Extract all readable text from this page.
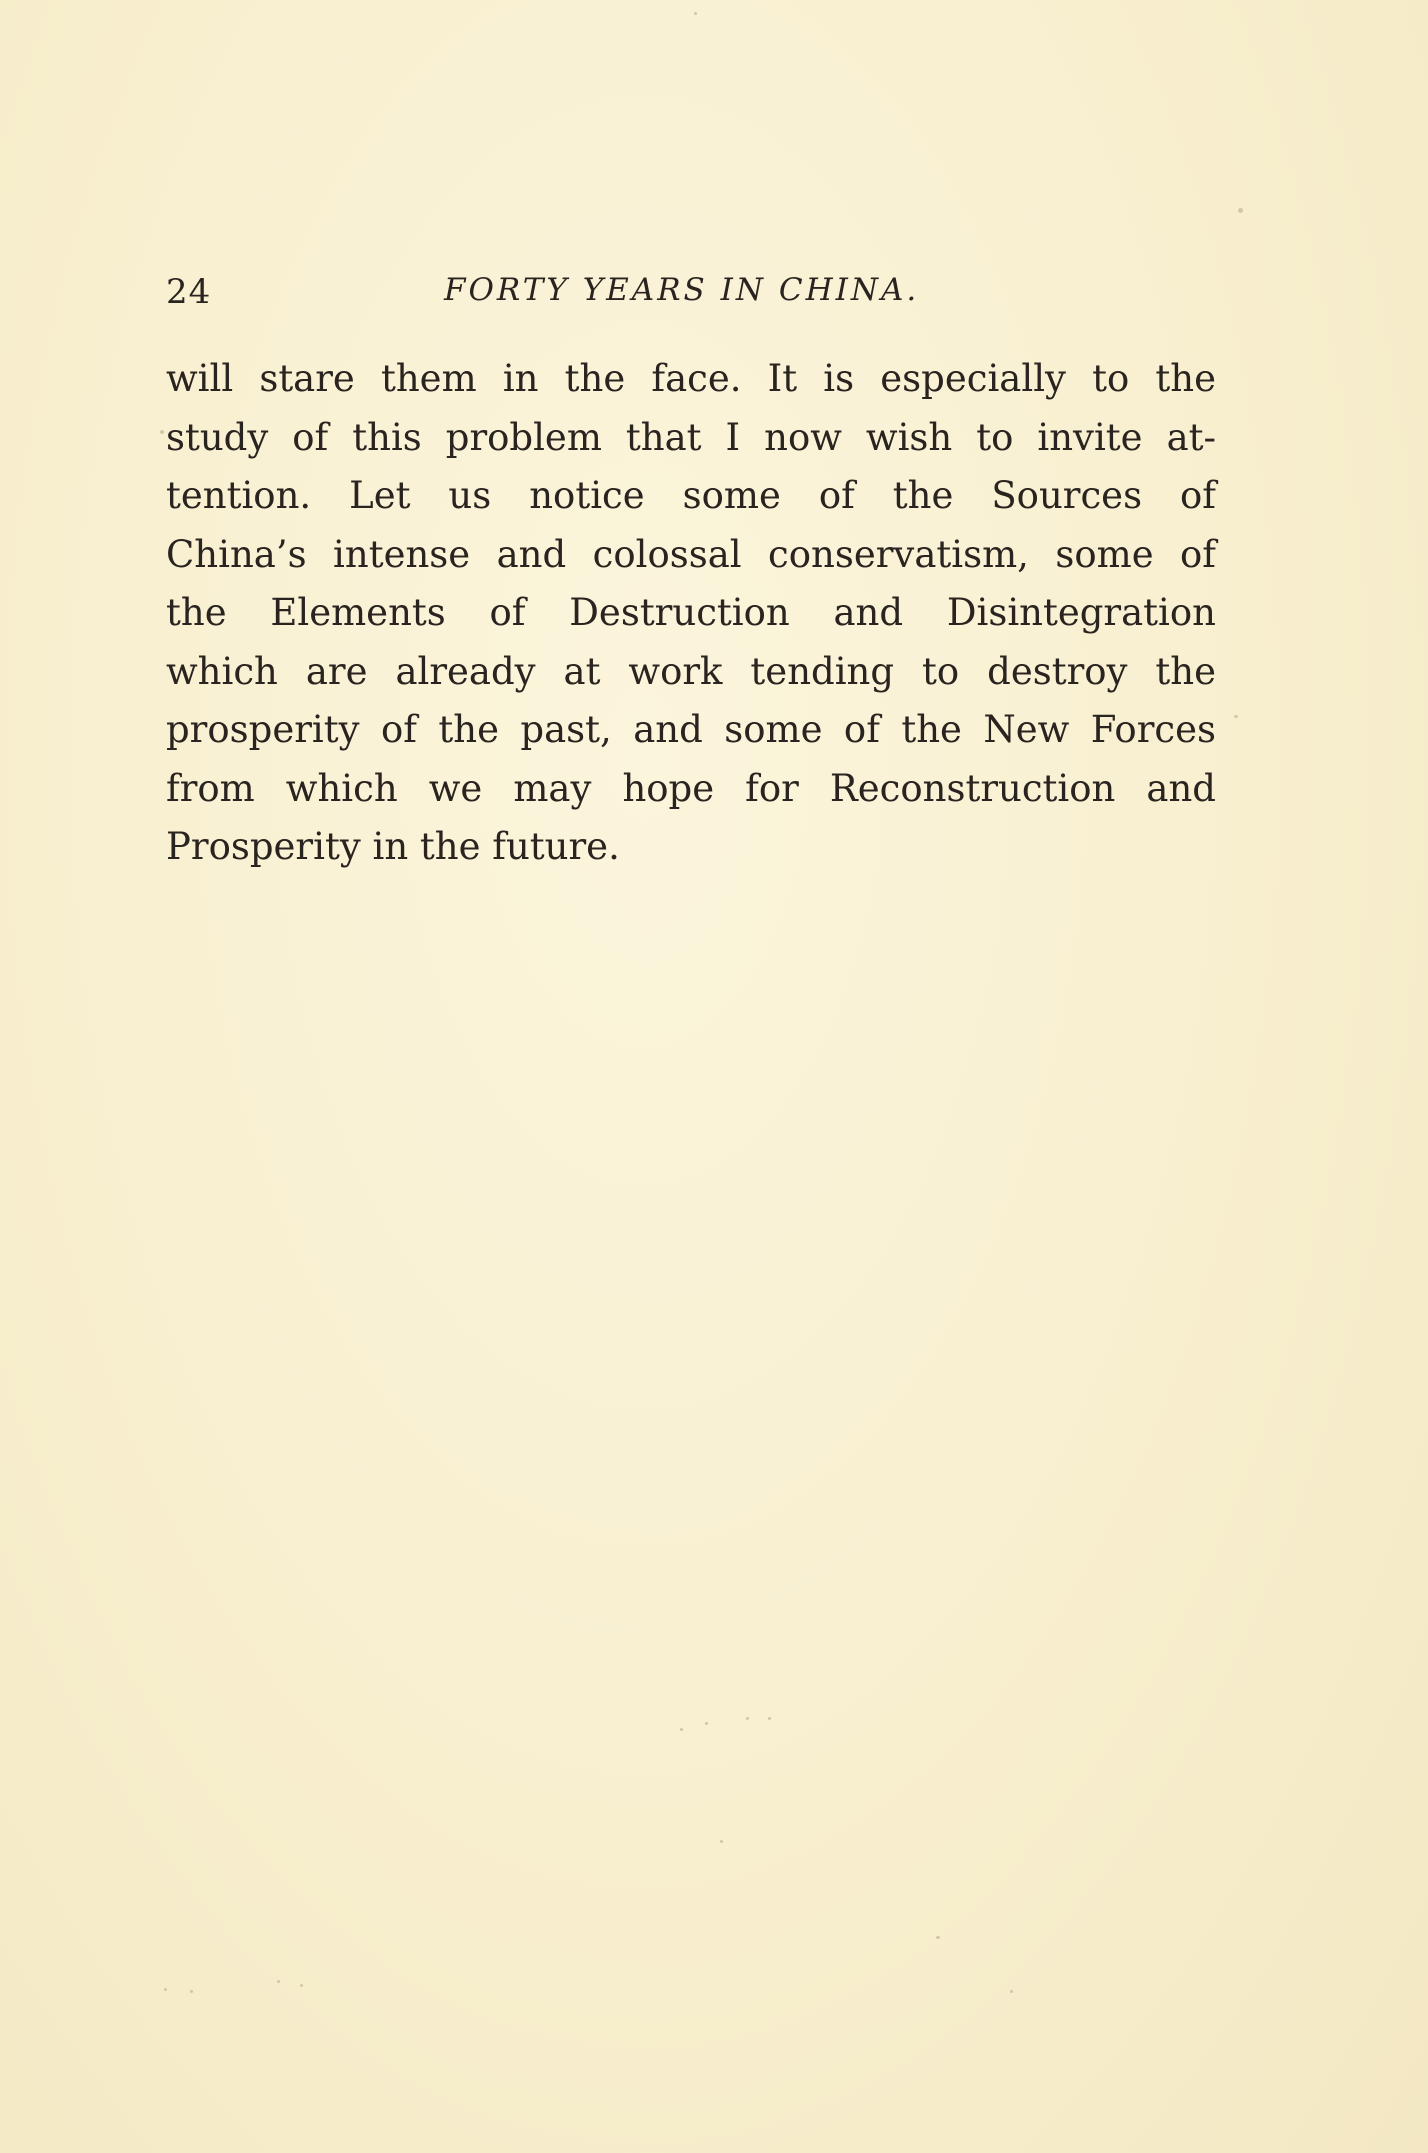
24	FORTY YEARS IN CHINA.
will stare them in the face. It is especially to the
study of this problem that I now wish to invite at-
tention. Let us notice some of the Sources of
China’s intense and colossal conservatism, some of
the Elements of Destruction and Disintegration
which are already at work tending to destroy the
prosperity of the past, and some of the New Forces
from which we may hope for Reconstruction and
Prosperity in the future.
